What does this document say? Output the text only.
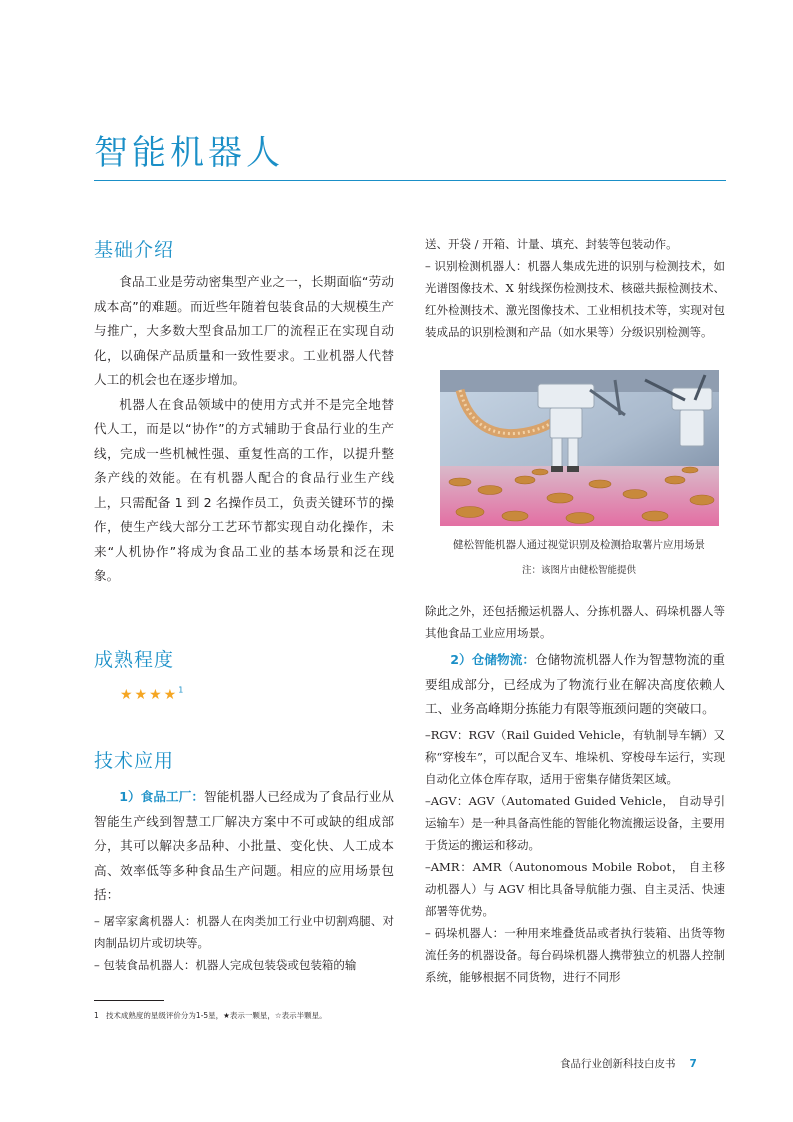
智能机器人
基础介绍

食品工业是劳动密集型产业之一，长期面临“劳动成本高”的难题。而近些年随着包装食品的大规模生产与推广，大多数大型食品加工厂的流程正在实现自动化，以确保产品质量和一致性要求。工业机器人代替人工的机会也在逐步增加。

机器人在食品领域中的使用方式并不是完全地替代人工，而是以“协作”的方式辅助于食品行业的生产线，完成一些机械性强、重复性高的工作，以提升整条产线的效能。在有机器人配合的食品行业生产线上，只需配备 1 到 2 名操作员工，负责关键环节的操作，使生产线大部分工艺环节都实现自动化操作，未来“人机协作”将成为食品工业的基本场景和泛在现象。

成熟程度
★★★★$^1$
技术应用

1）食品工厂：智能机器人已经成为了食品行业从智能生产线到智慧工厂解决方案中不可或缺的组成部分，其可以解决多品种、小批量、变化快、人工成本高、效率低等多种食品生产问题。相应的应用场景包括：

– 屠宰家禽机器人：机器人在肉类加工行业中切割鸡腿、对肉制品切片或切块等。

– 包装食品机器人：机器人完成包装袋或包装箱的输

送、开袋 / 开箱、计量、填充、封装等包装动作。

– 识别检测机器人：机器人集成先进的识别与检测技术，如光谱图像技术、X 射线探伤检测技术、核磁共振检测技术、红外检测技术、激光图像技术、工业相机技术等，实现对包装成品的识别检测和产品（如水果等）分级识别检测等。

健松智能机器人通过视觉识别及检测拾取薯片应用场景
注：该图片由健松智能提供

除此之外，还包括搬运机器人、分拣机器人、码垛机器人等其他食品工业应用场景。

2）仓储物流：仓储物流机器人作为智慧物流的重要组成部分，已经成为了物流行业在解决高度依赖人工、业务高峰期分拣能力有限等瓶颈问题的突破口。

–RGV：RGV（Rail Guided Vehicle，有轨制导车辆）又称“穿梭车”，可以配合叉车、堆垛机、穿梭母车运行，实现自动化立体仓库存取，适用于密集存储货架区域。

–AGV：AGV（Automated Guided Vehicle， 自动导引运输车）是一种具备高性能的智能化物流搬运设备，主要用于货运的搬运和移动。

–AMR：AMR（Autonomous Mobile Robot， 自主移动机器人）与 AGV 相比具备导航能力强、自主灵活、快速部署等优势。

– 码垛机器人：一种用来堆叠货品或者执行装箱、出货等物流任务的机器设备。每台码垛机器人携带独立的机器人控制系统，能够根据不同货物，进行不同形

1 技术成熟度的星级评价分为1-5星，★表示一颗星，☆表示半颗星。
食品行业创新科技白皮书 7
